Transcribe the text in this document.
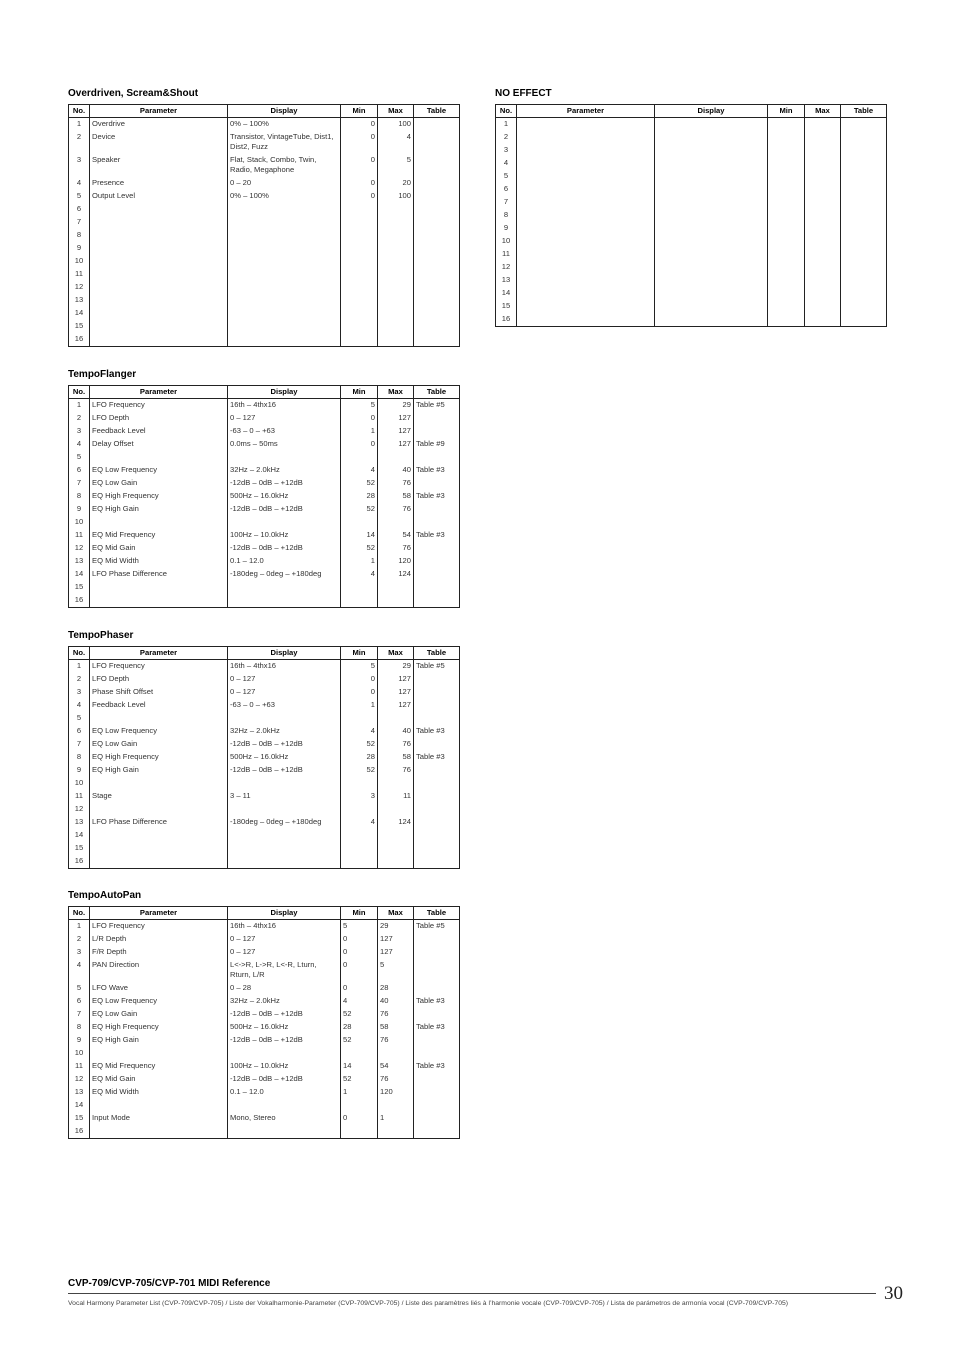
Overdriven, Scream&Shout
No.	Parameter	Display	Min	Max	Table
1	Overdrive	0% – 100%	0	100	
2	Device	Transistor, VintageTube, Dist1, Dist2, Fuzz	0	4	
3	Speaker	Flat, Stack, Combo, Twin, Radio, Megaphone	0	5	
4	Presence	0 – 20	0	20	
5	Output Level	0% – 100%	0	100	
6					
7					
8					
9					
10					
11					
12					
13					
14					
15					
16					
NO EFFECT
No.	Parameter	Display	Min	Max	Table
1					
2					
3					
4					
5					
6					
7					
8					
9					
10					
11					
12					
13					
14					
15					
16					
TempoFlanger
No.	Parameter	Display	Min	Max	Table
1	LFO Frequency	16th – 4thx16	5	29	Table #5
2	LFO Depth	0 – 127	0	127	
3	Feedback Level	-63 – 0 – +63	1	127	
4	Delay Offset	0.0ms – 50ms	0	127	Table #9
5					
6	EQ Low Frequency	32Hz – 2.0kHz	4	40	Table #3
7	EQ Low Gain	-12dB – 0dB – +12dB	52	76	
8	EQ High Frequency	500Hz – 16.0kHz	28	58	Table #3
9	EQ High Gain	-12dB – 0dB – +12dB	52	76	
10					
11	EQ Mid Frequency	100Hz – 10.0kHz	14	54	Table #3
12	EQ Mid Gain	-12dB – 0dB – +12dB	52	76	
13	EQ Mid Width	0.1 – 12.0	1	120	
14	LFO Phase Difference	-180deg – 0deg – +180deg	4	124	
15					
16					
TempoPhaser
No.	Parameter	Display	Min	Max	Table
1	LFO Frequency	16th – 4thx16	5	29	Table #5
2	LFO Depth	0 – 127	0	127	
3	Phase Shift Offset	0 – 127	0	127	
4	Feedback Level	-63 – 0 – +63	1	127	
5					
6	EQ Low Frequency	32Hz – 2.0kHz	4	40	Table #3
7	EQ Low Gain	-12dB – 0dB – +12dB	52	76	
8	EQ High Frequency	500Hz – 16.0kHz	28	58	Table #3
9	EQ High Gain	-12dB – 0dB – +12dB	52	76	
10					
11	Stage	3 – 11	3	11	
12					
13	LFO Phase Difference	-180deg – 0deg – +180deg	4	124	
14					
15					
16					
TempoAutoPan
No.	Parameter	Display	Min	Max	Table
1	LFO Frequency	16th – 4thx16	5	29	Table #5
2	L/R Depth	0 – 127	0	127	
3	F/R Depth	0 – 127	0	127	
4	PAN Direction	L<->R, L->R, L<-R, Lturn, Rturn, L/R	0	5	
5	LFO Wave	0 – 28	0	28	
6	EQ Low Frequency	32Hz – 2.0kHz	4	40	Table #3
7	EQ Low Gain	-12dB – 0dB – +12dB	52	76	
8	EQ High Frequency	500Hz – 16.0kHz	28	58	Table #3
9	EQ High Gain	-12dB – 0dB – +12dB	52	76	
10					
11	EQ Mid Frequency	100Hz – 10.0kHz	14	54	Table #3
12	EQ Mid Gain	-12dB – 0dB – +12dB	52	76	
13	EQ Mid Width	0.1 – 12.0	1	120	
14					
15	Input Mode	Mono, Stereo	0	1	
16					
CVP-709/CVP-705/CVP-701 MIDI Reference
Vocal Harmony Parameter List (CVP-709/CVP-705) / Liste der Vokalharmonie-Parameter (CVP-709/CVP-705) / Liste des paramètres liés à l’harmonie vocale (CVP-709/CVP-705) / Lista de parámetros de armonía vocal (CVP-709/CVP-705)	30
